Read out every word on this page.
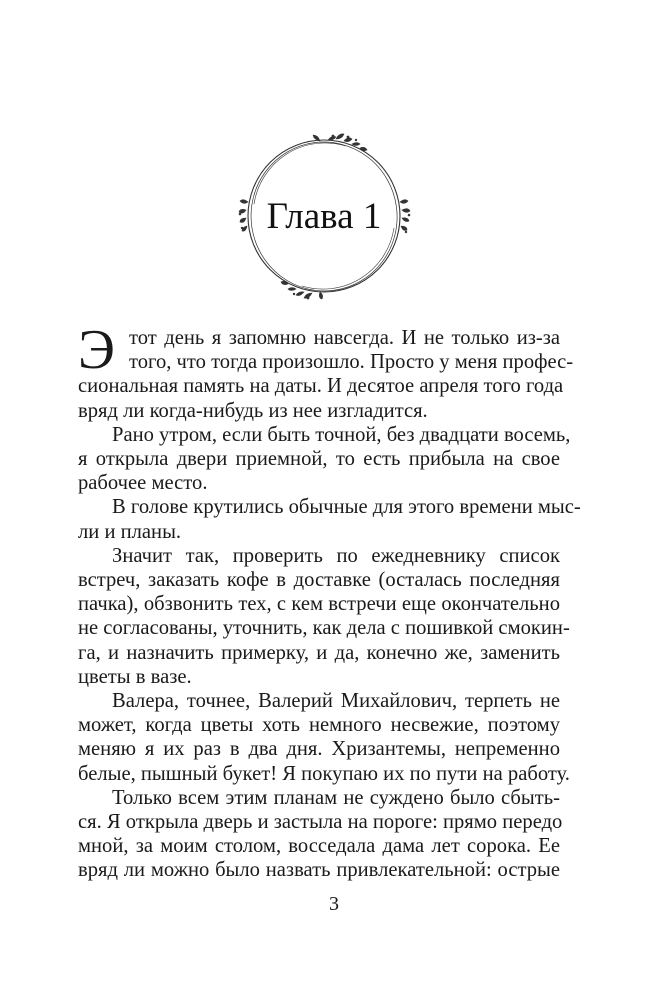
Глава 1
Э тот день я запомню навсегда. И не только из-за
того, что тогда произошло. Просто у меня профес-
сиональная память на даты. И десятое апреля того года
вряд ли когда-нибудь из нее изгладится.
Рано утром, если быть точной, без двадцати восемь,
я открыла двери приемной, то есть прибыла на свое
рабочее место.
В голове крутились обычные для этого времени мыс-
ли и планы.
Значит так, проверить по ежедневнику список
встреч, заказать кофе в доставке (осталась последняя
пачка), обзвонить тех, с кем встречи еще окончательно
не согласованы, уточнить, как дела с пошивкой смокин-
га, и назначить примерку, и да, конечно же, заменить
цветы в вазе.
Валера, точнее, Валерий Михайлович, терпеть не
может, когда цветы хоть немного несвежие, поэтому
меняю я их раз в два дня. Хризантемы, непременно
белые, пышный букет! Я покупаю их по пути на работу.
Только всем этим планам не суждено было сбыть-
ся. Я открыла дверь и застыла на пороге: прямо передо
мной, за моим столом, восседала дама лет сорока. Ее
вряд ли можно было назвать привлекательной: острые
3
